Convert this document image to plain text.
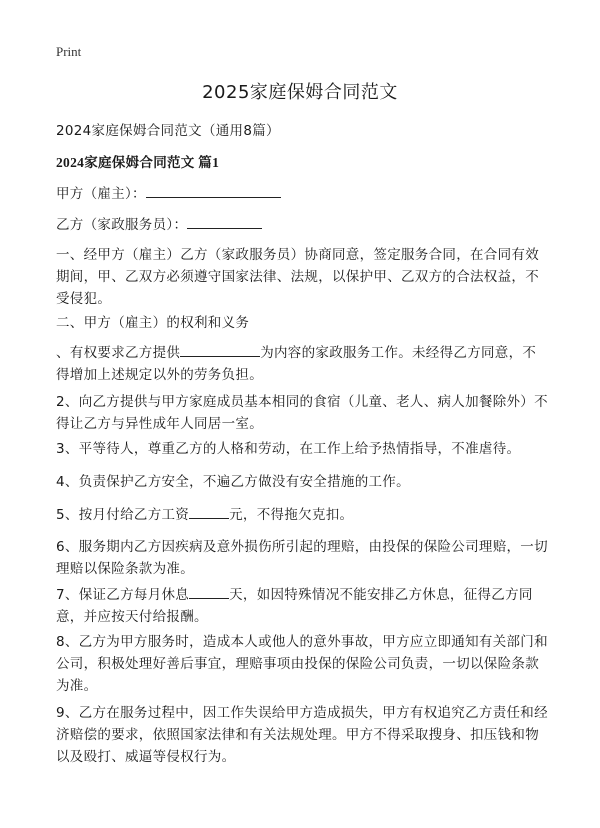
Print
2025家庭保姆合同范文
2024家庭保姆合同范文（通用8篇）
2024家庭保姆合同范文 篇1
甲方（雇主）：
乙方（家政服务员）：
一、经甲方（雇主）乙方（家政服务员）协商同意，签定服务合同，在合同有效期间，甲、乙双方必须遵守国家法律、法规，以保护甲、乙双方的合法权益，不受侵犯。
二、甲方（雇主）的权利和义务
、有权要求乙方提供	为内容的家政服务工作。未经得乙方同意，不得增加上述规定以外的劳务负担。
2、向乙方提供与甲方家庭成员基本相同的食宿（儿童、老人、病人加餐除外）不得让乙方与异性成年人同居一室。
3、平等待人，尊重乙方的人格和劳动，在工作上给予热情指导，不准虐待。
4、负责保护乙方安全，不遍乙方做没有安全措施的工作。
5、按月付给乙方工资	元，不得拖欠克扣。
6、服务期内乙方因疾病及意外损伤所引起的理赔，由投保的保险公司理赔，一切理赔以保险条款为准。
7、保证乙方每月休息	天，如因特殊情况不能安排乙方休息，征得乙方同意，并应按天付给报酬。
8、乙方为甲方服务时，造成本人或他人的意外事故，甲方应立即通知有关部门和公司，积极处理好善后事宜，理赔事项由投保的保险公司负责，一切以保险条款为准。
9、乙方在服务过程中，因工作失误给甲方造成损失，甲方有权追究乙方责任和经济赔偿的要求，依照国家法律和有关法规处理。甲方不得采取搜身、扣压钱和物以及殴打、威逼等侵权行为。
